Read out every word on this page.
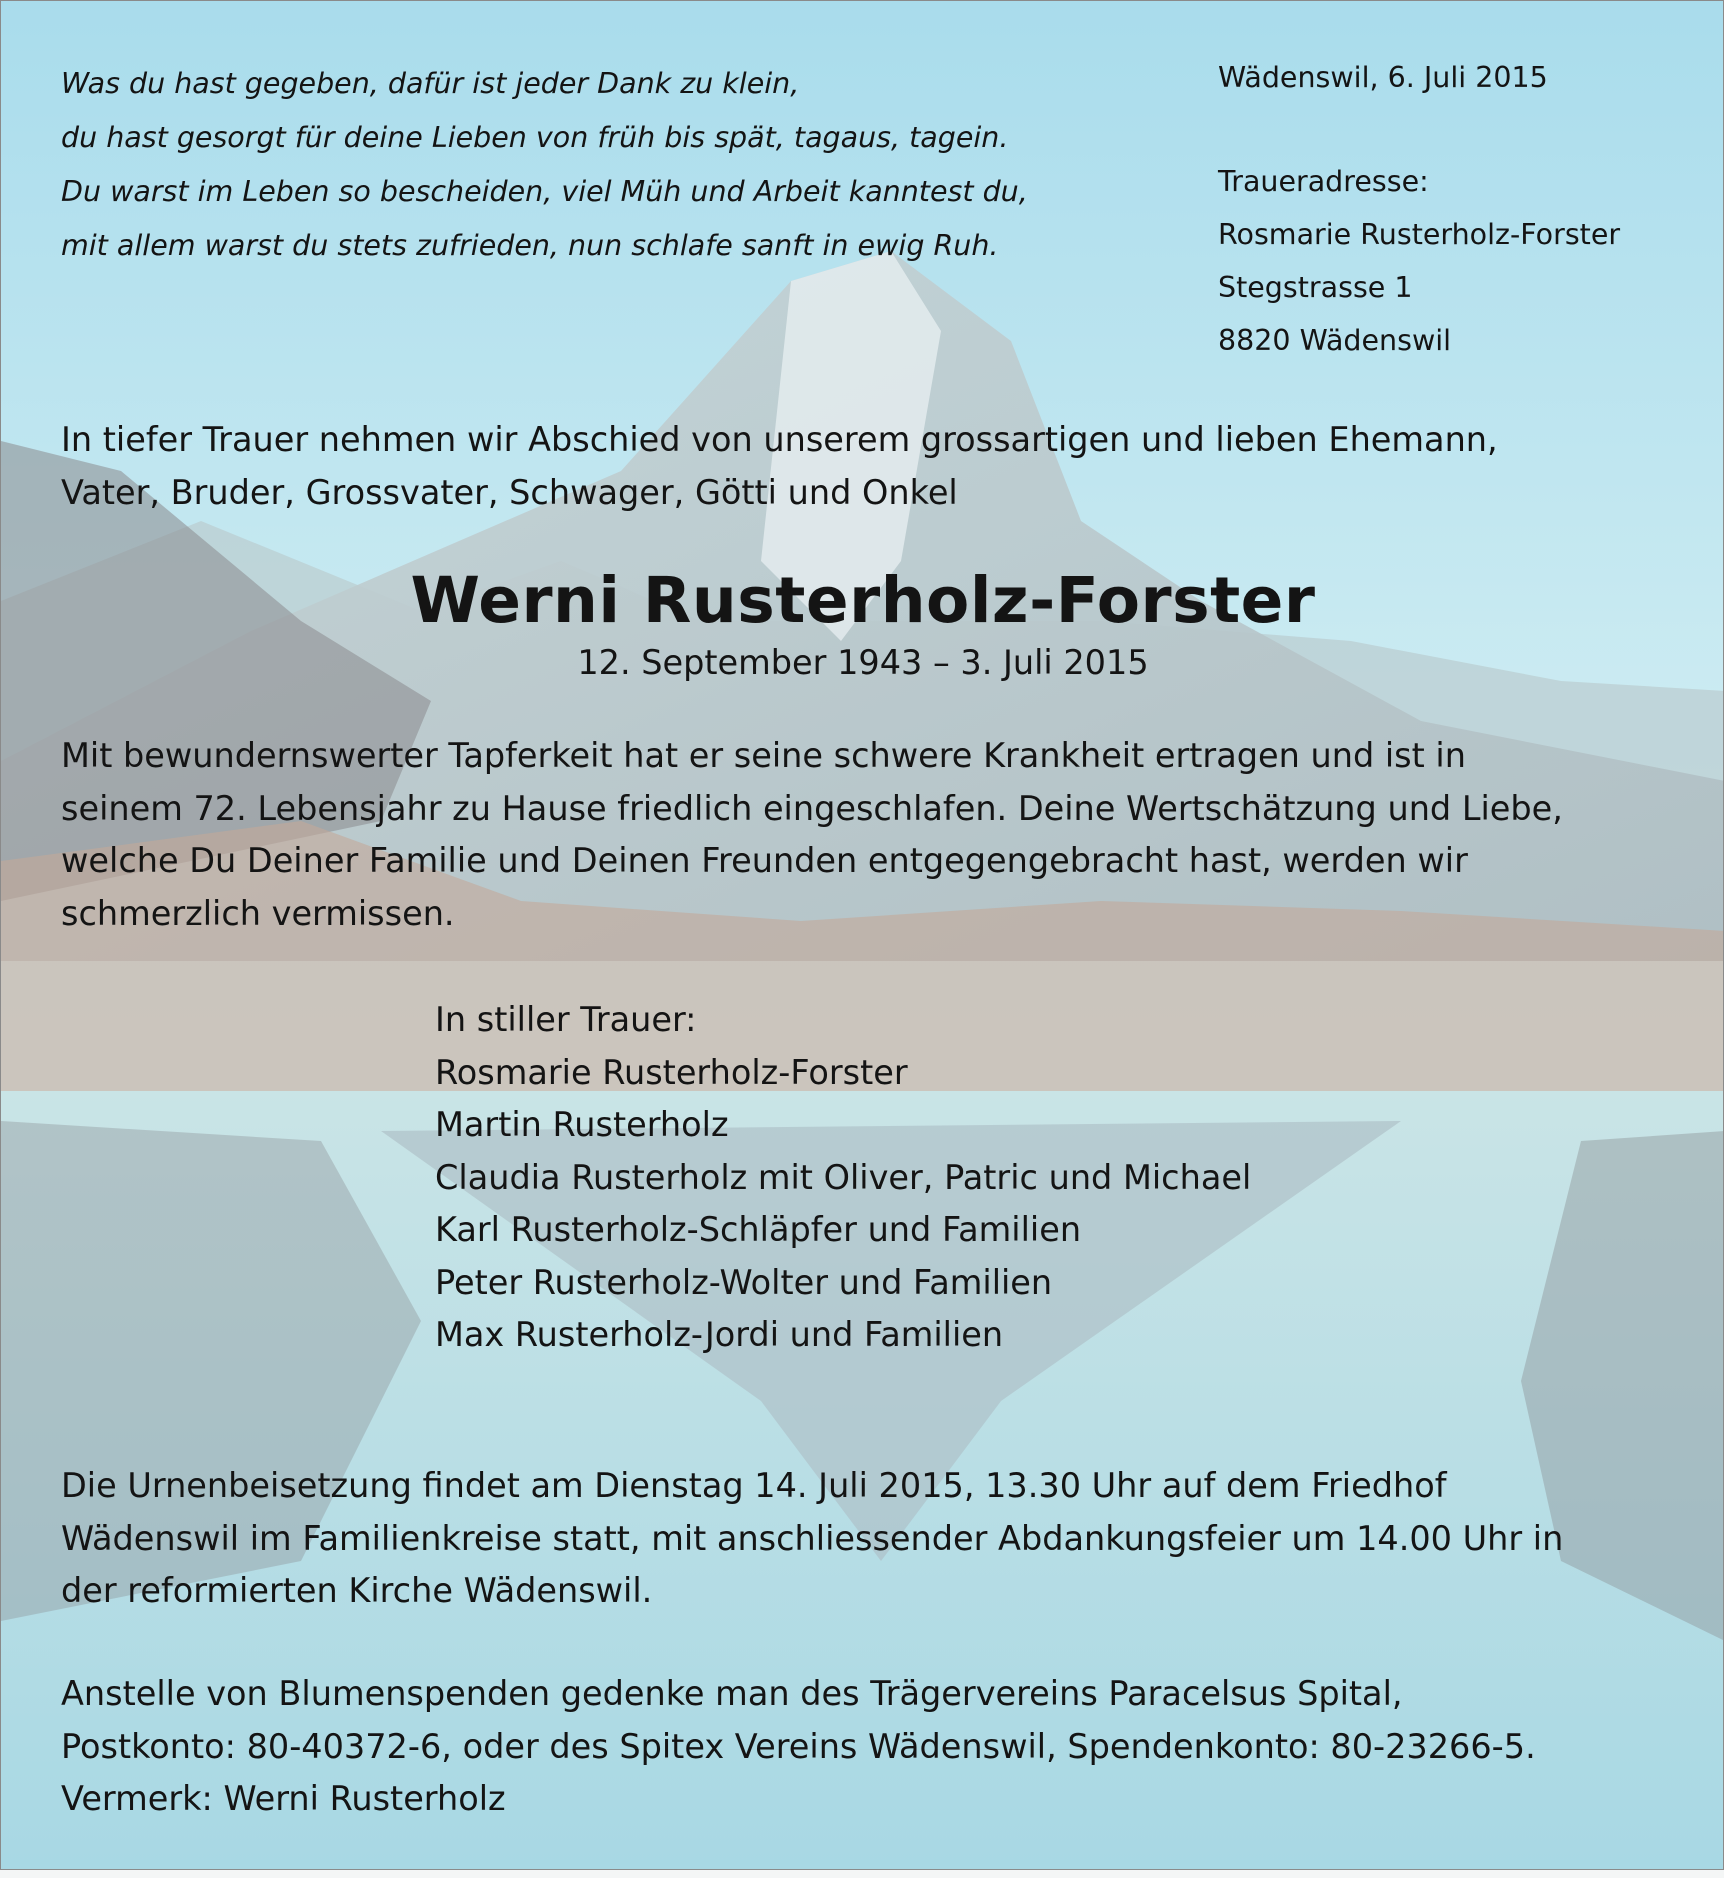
Was du hast gegeben, dafür ist jeder Dank zu klein,
du hast gesorgt für deine Lieben von früh bis spät, tagaus, tagein.
Du warst im Leben so bescheiden, viel Müh und Arbeit kanntest du,
mit allem warst du stets zufrieden, nun schlafe sanft in ewig Ruh.
Wädenswil, 6. Juli 2015
Traueradresse:
Rosmarie Rusterholz-Forster
Stegstrasse 1
8820 Wädenswil
In tiefer Trauer nehmen wir Abschied von unserem grossartigen und lieben Ehemann,
Vater, Bruder, Grossvater, Schwager, Götti und Onkel
Werni Rusterholz-Forster
12. September 1943 – 3. Juli 2015
Mit bewundernswerter Tapferkeit hat er seine schwere Krankheit ertragen und ist in
seinem 72. Lebensjahr zu Hause friedlich eingeschlafen. Deine Wertschätzung und Liebe,
welche Du Deiner Familie und Deinen Freunden entgegengebracht hast, werden wir
schmerzlich vermissen.
In stiller Trauer:
Rosmarie Rusterholz-Forster
Martin Rusterholz
Claudia Rusterholz mit Oliver, Patric und Michael
Karl Rusterholz-Schläpfer und Familien
Peter Rusterholz-Wolter und Familien
Max Rusterholz-Jordi und Familien
Die Urnenbeisetzung findet am Dienstag 14. Juli 2015, 13.30 Uhr auf dem Friedhof
Wädenswil im Familienkreise statt, mit anschliessender Abdankungsfeier um 14.00 Uhr in
der reformierten Kirche Wädenswil.
Anstelle von Blumenspenden gedenke man des Trägervereins Paracelsus Spital,
Postkonto: 80-40372-6, oder des Spitex Vereins Wädenswil, Spendenkonto: 80-23266-5.
Vermerk: Werni Rusterholz
